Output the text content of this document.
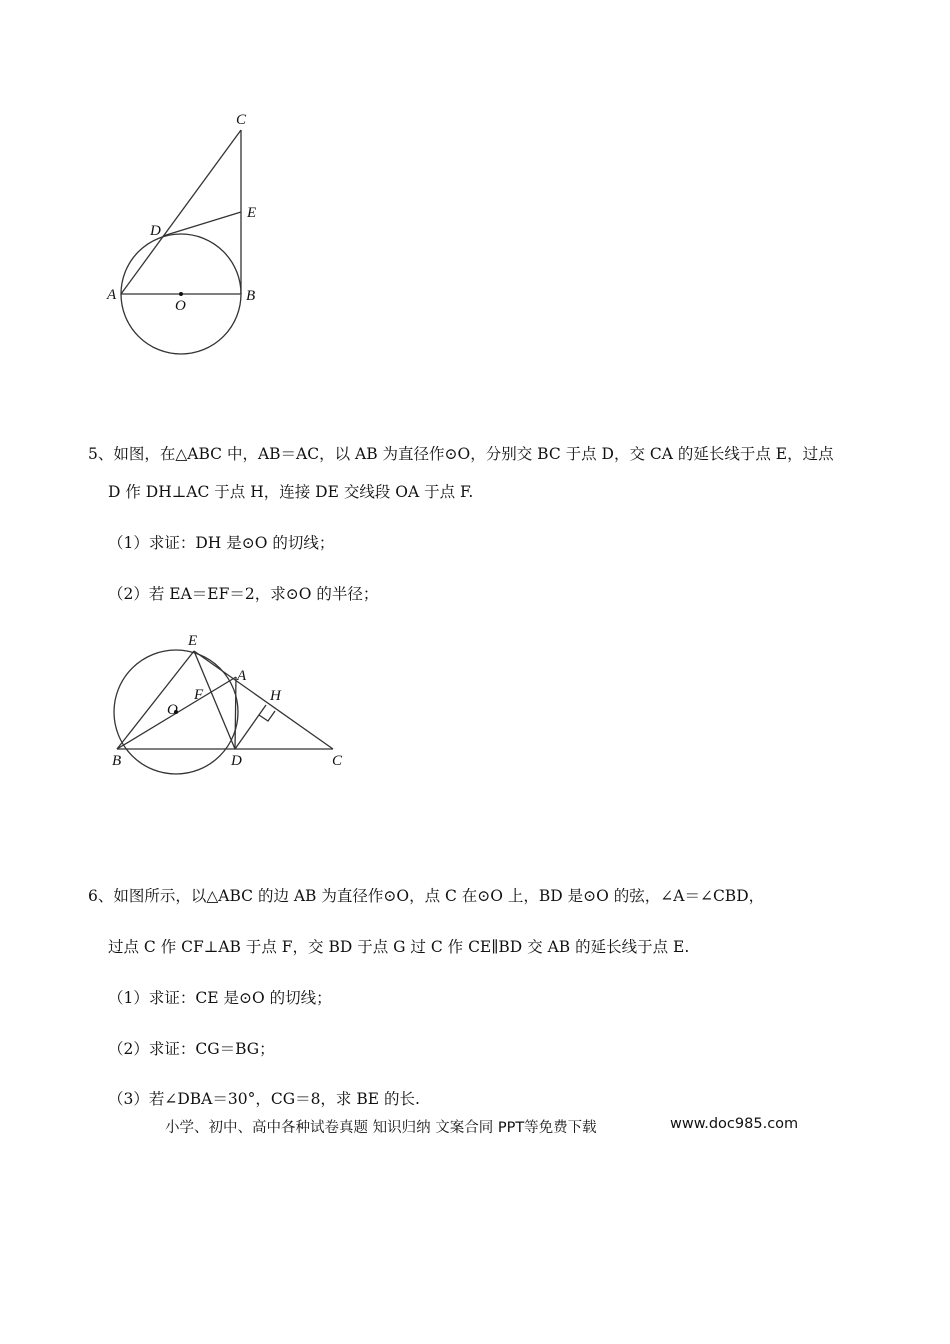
C
E
D
A
O
B
5、如图，在△ABC 中，AB＝AC，以 AB 为直径作⊙O，分别交 BC 于点 D，交 CA 的延长线于点 E，过点
D 作 DH⊥AC 于点 H，连接 DE 交线段 OA 于点 F.
（1）求证：DH 是⊙O 的切线；
（2）若 EA＝EF＝2，求⊙O 的半径；
E
A
H
F
O
B	D	C
6、如图所示，以△ABC 的边 AB 为直径作⊙O，点 C 在⊙O 上，BD 是⊙O 的弦，∠A＝∠CBD，
过点 C 作 CF⊥AB 于点 F，交 BD 于点 G 过 C 作 CE∥BD 交 AB 的延长线于点 E.
（1）求证：CE 是⊙O 的切线；
（2）求证：CG＝BG；
（3）若∠DBA＝30°，CG＝8，求 BE 的长.
小学、初中、高中各种试卷真题 知识归纳 文案合同 PPT等免费下载	www.doc985.com
